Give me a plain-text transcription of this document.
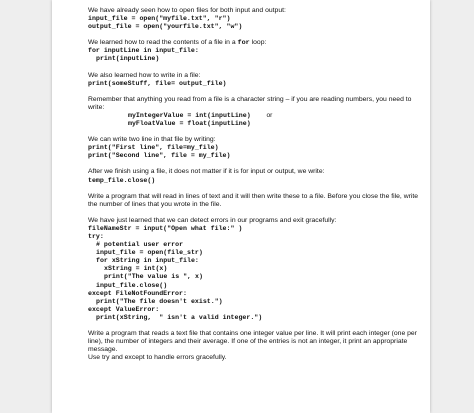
We have already seen how to open files for both input and output:
input_file = open("myfile.txt", "r")
output_file = open("yourfile.txt", "w")
We learned how to read the contents of a file in a for loop:
for inputLine in input_file:
print(inputLine)
We also learned how to write in a file:
print(someStuff, file= output_file)
Remember that anything you read from a file is a character string – if you are reading numbers, you need to write:
myIntegerValue = int(inputLine) or
myFloatValue = float(inputLine)
We can write two line in that file by writing:
print("First line", file=my_file)
print("Second line", file = my_file)
After we finish using a file, it does not matter if it is for input or output, we write:
temp_file.close()
Write a program that will read in lines of text and it will then write these to a file. Before you close the file, write the number of lines that you wrote in the file.
We have just learned that we can detect errors in our programs and exit gracefully:
fileNameStr = input("Open what file:" )
try:
# potential user error
input_file = open(file_str)
for xString in input_file:
xString = int(x)
print("The value is ", x)
input_file.close()
except FileNotFoundError:
print("The file doesn't exist.")
except ValueError:
print(xString,  " isn't a valid integer.")
Write a program that reads a text file that contains one integer value per line. It will print each integer (one per line), the number of integers and their average. If one of the entries is not an integer, it print an appropriate message.
Use try and except to handle errors gracefully.
